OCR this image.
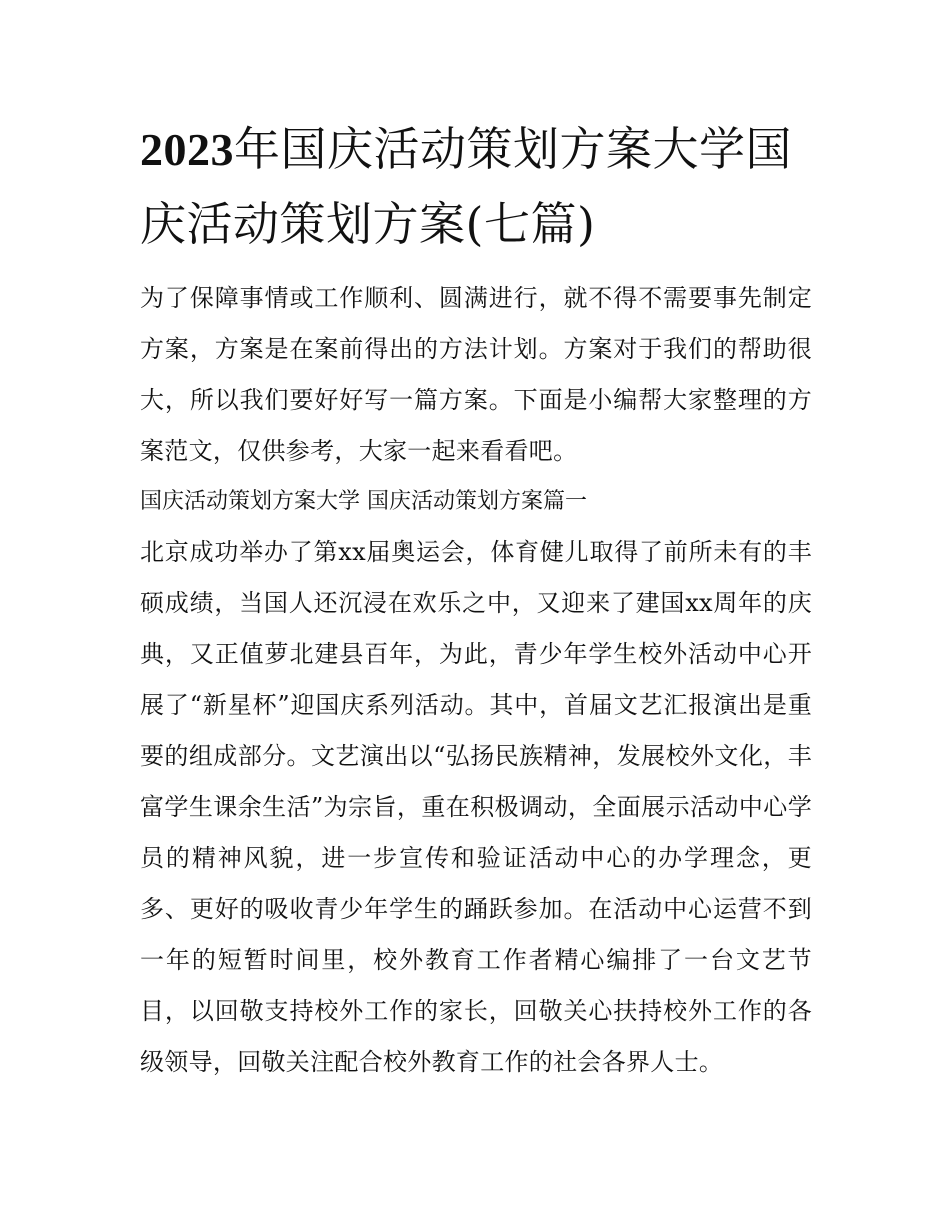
2023年国庆活动策划方案大学国庆活动策划方案(七篇)

为了保障事情或工作顺利、圆满进行，就不得不需要事先制定方案，方案是在案前得出的方法计划。方案对于我们的帮助很大，所以我们要好好写一篇方案。下面是小编帮大家整理的方案范文，仅供参考，大家一起来看看吧。

国庆活动策划方案大学 国庆活动策划方案篇一

北京成功举办了第xx届奥运会，体育健儿取得了前所未有的丰硕成绩，当国人还沉浸在欢乐之中，又迎来了建国xx周年的庆典，又正值萝北建县百年，为此，青少年学生校外活动中心开展了“新星杯”迎国庆系列活动。其中，首届文艺汇报演出是重要的组成部分。文艺演出以“弘扬民族精神，发展校外文化，丰富学生课余生活”为宗旨，重在积极调动，全面展示活动中心学员的精神风貌，进一步宣传和验证活动中心的办学理念，更多、更好的吸收青少年学生的踊跃参加。在活动中心运营不到一年的短暂时间里，校外教育工作者精心编排了一台文艺节目，以回敬支持校外工作的家长，回敬关心扶持校外工作的各级领导，回敬关注配合校外教育工作的社会各界人士。
